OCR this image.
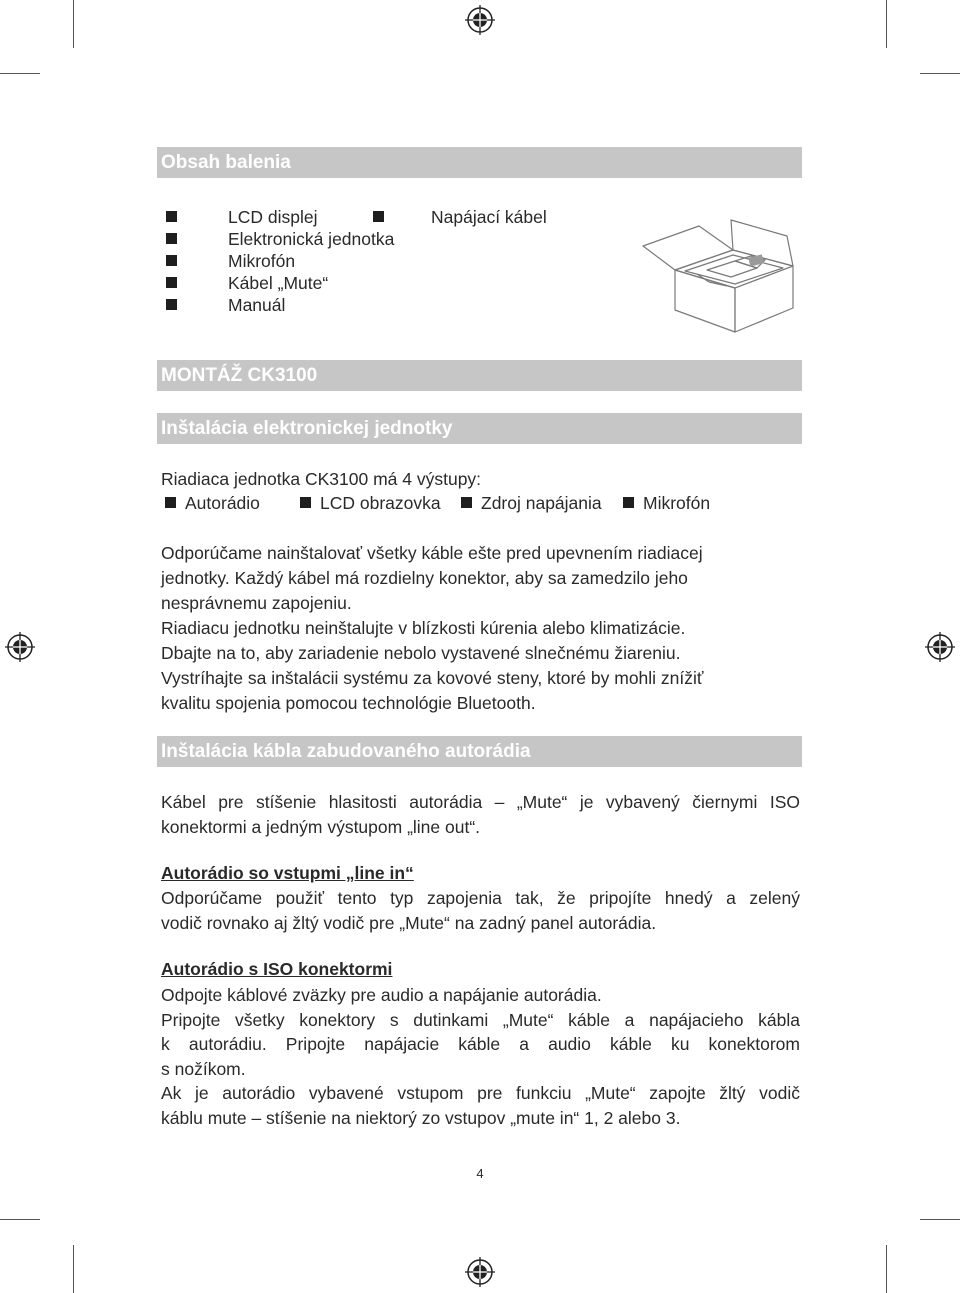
Obsah balenia
LCD displej	Napájací kábel
Elektronická jednotka
Mikrofón
Kábel „Mute“
Manuál
MONTÁŽ CK3100
Inštalácia elektronickej jednotky
Riadiaca jednotka CK3100 má 4 výstupy:
Autorádio	LCD obrazovka Zdroj napájania Mikrofón
Odporúčame nainštalovať všetky káble ešte pred upevnením riadiacej
jednotky. Každý kábel má rozdielny konektor, aby sa zamedzilo jeho
nesprávnemu zapojeniu.
Riadiacu jednotku neinštalujte v blízkosti kúrenia alebo klimatizácie.
Dbajte na to, aby zariadenie nebolo vystavené slnečnému žiareniu.
Vystríhajte sa inštalácii systému za kovové steny, ktoré by mohli znížiť
kvalitu spojenia pomocou technológie Bluetooth.
Inštalácia kábla zabudovaného autorádia
Kábel pre stíšenie hlasitosti autorádia – „Mute“ je vybavený čiernymi ISO
konektormi a jedným výstupom „line out“.
Autorádio so vstupmi „line in“
Odporúčame použiť tento typ zapojenia tak, že pripojíte hnedý a zelený
vodič rovnako aj žltý vodič pre „Mute“ na zadný panel autorádia.
Autorádio s ISO konektormi
Odpojte káblové zväzky pre audio a napájanie autorádia.
Pripojte všetky konektory s dutinkami „Mute“ káble a napájacieho kábla
k autorádiu. Pripojte napájacie káble a audio káble ku konektorom
s nožíkom.
Ak je autorádio vybavené vstupom pre funkciu „Mute“ zapojte žltý vodič
káblu mute – stíšenie na niektorý zo vstupov „mute in“ 1, 2 alebo 3.
4
